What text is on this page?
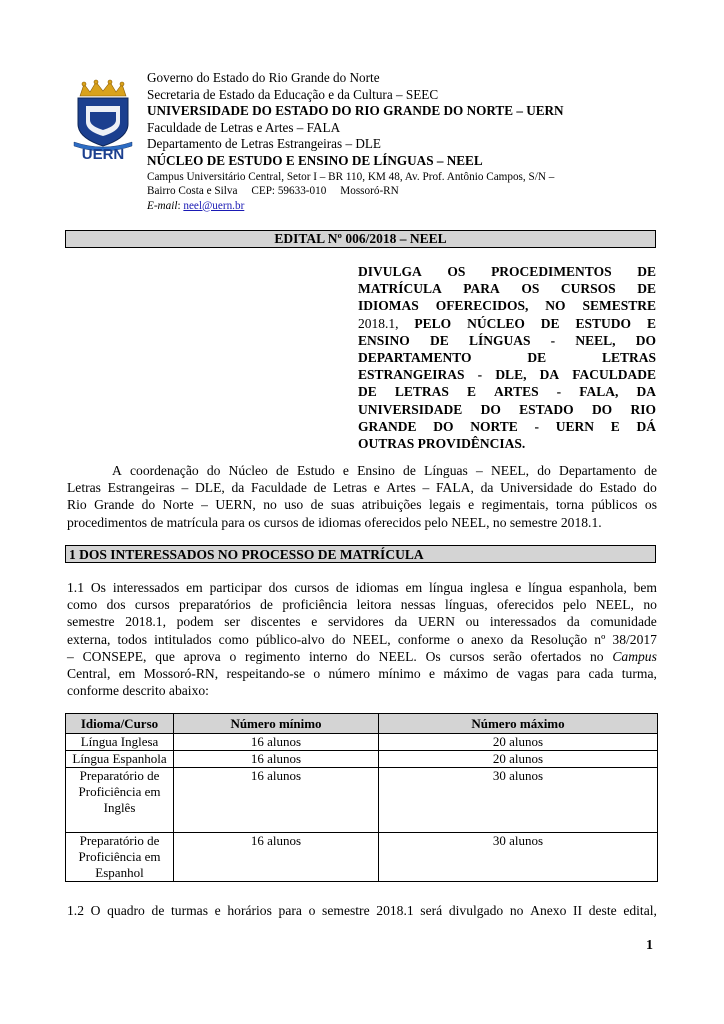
UERN
Governo do Estado do Rio Grande do Norte
Secretaria de Estado da Educação e da Cultura – SEEC
UNIVERSIDADE DO ESTADO DO RIO GRANDE DO NORTE – UERN
Faculdade de Letras e Artes – FALA
Departamento de Letras Estrangeiras – DLE
NÚCLEO DE ESTUDO E ENSINO DE LÍNGUAS – NEEL
Campus Universitário Central, Setor I – BR 110, KM 48, Av. Prof. Antônio Campos, S/N –
Bairro Costa e Silva     CEP: 59633-010     Mossoró-RN
E-mail: neel@uern.br
EDITAL Nº 006/2018 – NEEL
DIVULGA OS PROCEDIMENTOS DE
MATRÍCULA PARA OS CURSOS DE
IDIOMAS OFERECIDOS, NO SEMESTRE
2018.1, PELO NÚCLEO DE ESTUDO E
ENSINO DE LÍNGUAS - NEEL, DO
DEPARTAMENTO	DE	LETRAS
ESTRANGEIRAS - DLE, DA FACULDADE
DE LETRAS E ARTES - FALA, DA
UNIVERSIDADE DO ESTADO DO RIO
GRANDE DO NORTE - UERN E DÁ
OUTRAS PROVIDÊNCIAS.
A coordenação do Núcleo de Estudo e Ensino de Línguas – NEEL, do Departamento de
Letras Estrangeiras – DLE, da Faculdade de Letras e Artes – FALA, da Universidade do Estado do
Rio Grande do Norte – UERN, no uso de suas atribuições legais e regimentais, torna públicos os
procedimentos de matrícula para os cursos de idiomas oferecidos pelo NEEL, no semestre 2018.1.
1 DOS INTERESSADOS NO PROCESSO DE MATRÍCULA
1.1 Os interessados em participar dos cursos de idiomas em língua inglesa e língua espanhola, bem
como dos cursos preparatórios de proficiência leitora nessas línguas, oferecidos pelo NEEL, no
semestre 2018.1, podem ser discentes e servidores da UERN ou interessados da comunidade
externa, todos intitulados como público-alvo do NEEL, conforme o anexo da Resolução nº 38/2017
– CONSEPE, que aprova o regimento interno do NEEL. Os cursos serão ofertados no Campus
Central, em Mossoró-RN, respeitando-se o número mínimo e máximo de vagas para cada turma,
conforme descrito abaixo:
Idioma/Curso	Número mínimo	Número máximo
Língua Inglesa	16 alunos	20 alunos
Língua Espanhola	16 alunos	20 alunos
Preparatório de Proficiência em Inglês	16 alunos	30 alunos
Preparatório de Proficiência em Espanhol	16 alunos	30 alunos
1.2 O quadro de turmas e horários para o semestre 2018.1 será divulgado no Anexo II deste edital,
1
